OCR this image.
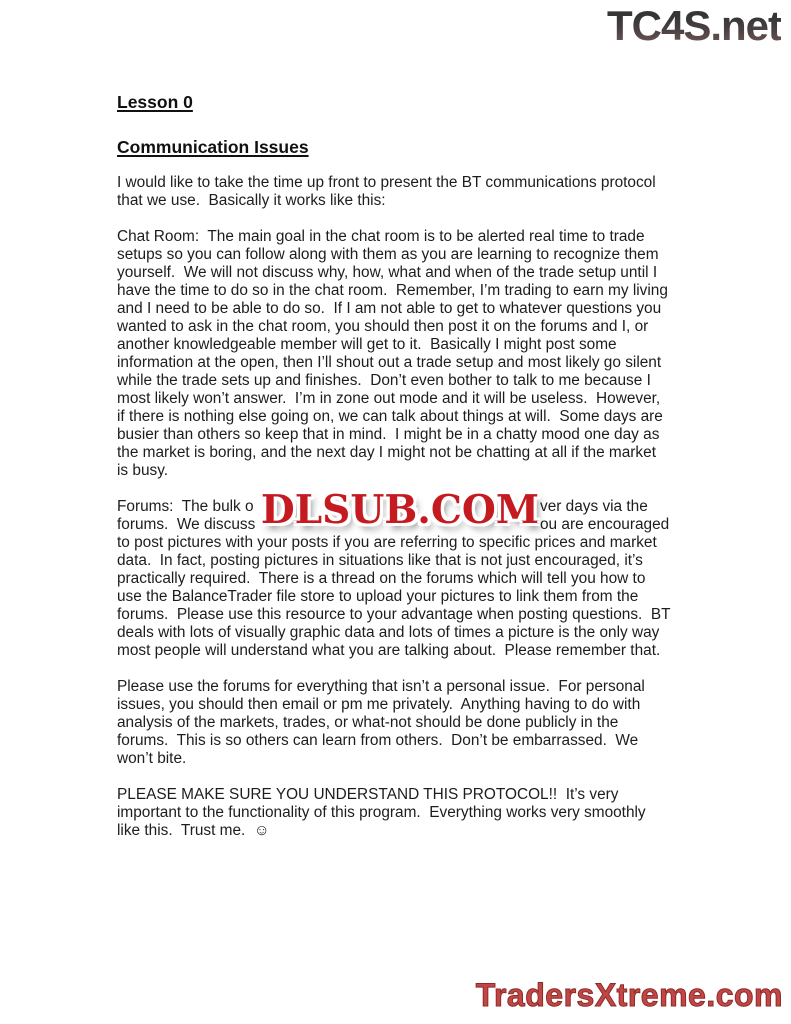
TC4S.net
Lesson 0
Communication Issues
I would like to take the time up front to present the BT communications protocol
that we use.  Basically it works like this:
Chat Room:  The main goal in the chat room is to be alerted real time to trade
setups so you can follow along with them as you are learning to recognize them
yourself.  We will not discuss why, how, what and when of the trade setup until I
have the time to do so in the chat room.  Remember, I’m trading to earn my living
and I need to be able to do so.  If I am not able to get to whatever questions you
wanted to ask in the chat room, you should then post it on the forums and I, or
another knowledgeable member will get to it.  Basically I might post some
information at the open, then I’ll shout out a trade setup and most likely go silent
while the trade sets up and finishes.  Don’t even bother to talk to me because I
most likely won’t answer.  I’m in zone out mode and it will be useless.  However,
if there is nothing else going on, we can talk about things at will.  Some days are
busier than others so keep that in mind.  I might be in a chatty mood one day as
the market is boring, and the next day I might not be chatting at all if the market
is busy.
Forums:  The bulk o	ver days via the
forums.  We discuss	ou are encouraged
to post pictures with your posts if you are referring to specific prices and market
data.  In fact, posting pictures in situations like that is not just encouraged, it’s
practically required.  There is a thread on the forums which will tell you how to
use the BalanceTrader file store to upload your pictures to link them from the
forums.  Please use this resource to your advantage when posting questions.  BT
deals with lots of visually graphic data and lots of times a picture is the only way
most people will understand what you are talking about.  Please remember that.
Please use the forums for everything that isn’t a personal issue.  For personal
issues, you should then email or pm me privately.  Anything having to do with
analysis of the markets, trades, or what-not should be done publicly in the
forums.  This is so others can learn from others.  Don’t be embarrassed.  We
won’t bite.
PLEASE MAKE SURE YOU UNDERSTAND THIS PROTOCOL!!  It’s very
important to the functionality of this program.  Everything works very smoothly
like this.  Trust me.  ☺
DLSUB.COM
TradersXtreme.com
